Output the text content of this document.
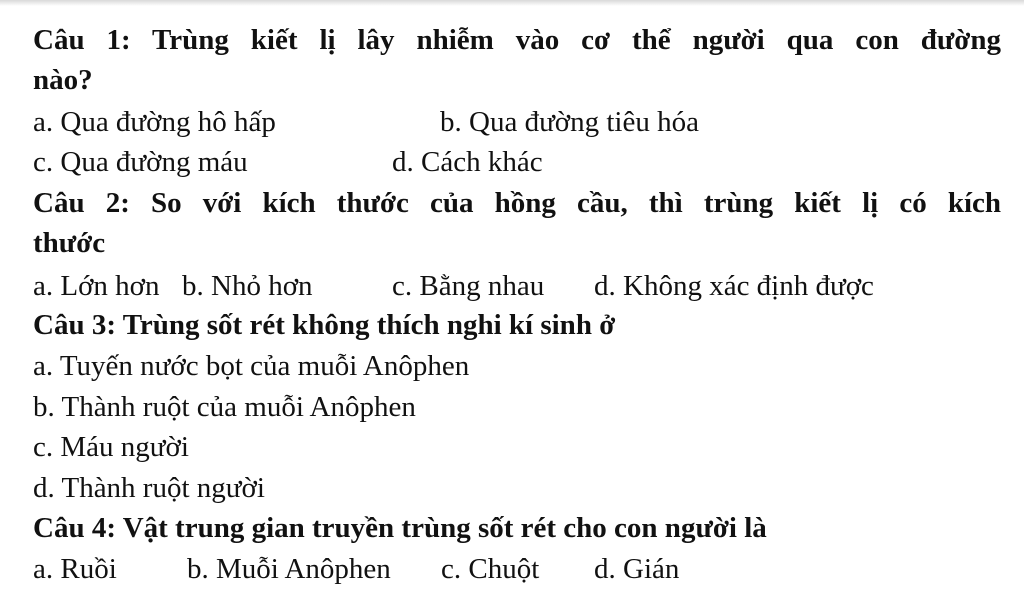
Câu 1: Trùng kiết lị lây nhiễm vào cơ thể người qua con đường
nào?
a. Qua đường hô hấp	b. Qua đường tiêu hóa
c. Qua đường máu	d. Cách khác
Câu 2: So với kích thước của hồng cầu, thì trùng kiết lị có kích
thước
a. Lớn hơn b. Nhỏ hơn	c. Bằng nhau d. Không xác định được
Câu 3: Trùng sốt rét không thích nghi kí sinh ở
a. Tuyến nước bọt của muỗi Anôphen
b. Thành ruột của muỗi Anôphen
c. Máu người
d. Thành ruột người
Câu 4: Vật trung gian truyền trùng sốt rét cho con người là
a. Ruồi b. Muỗi Anôphen c. Chuột d. Gián
